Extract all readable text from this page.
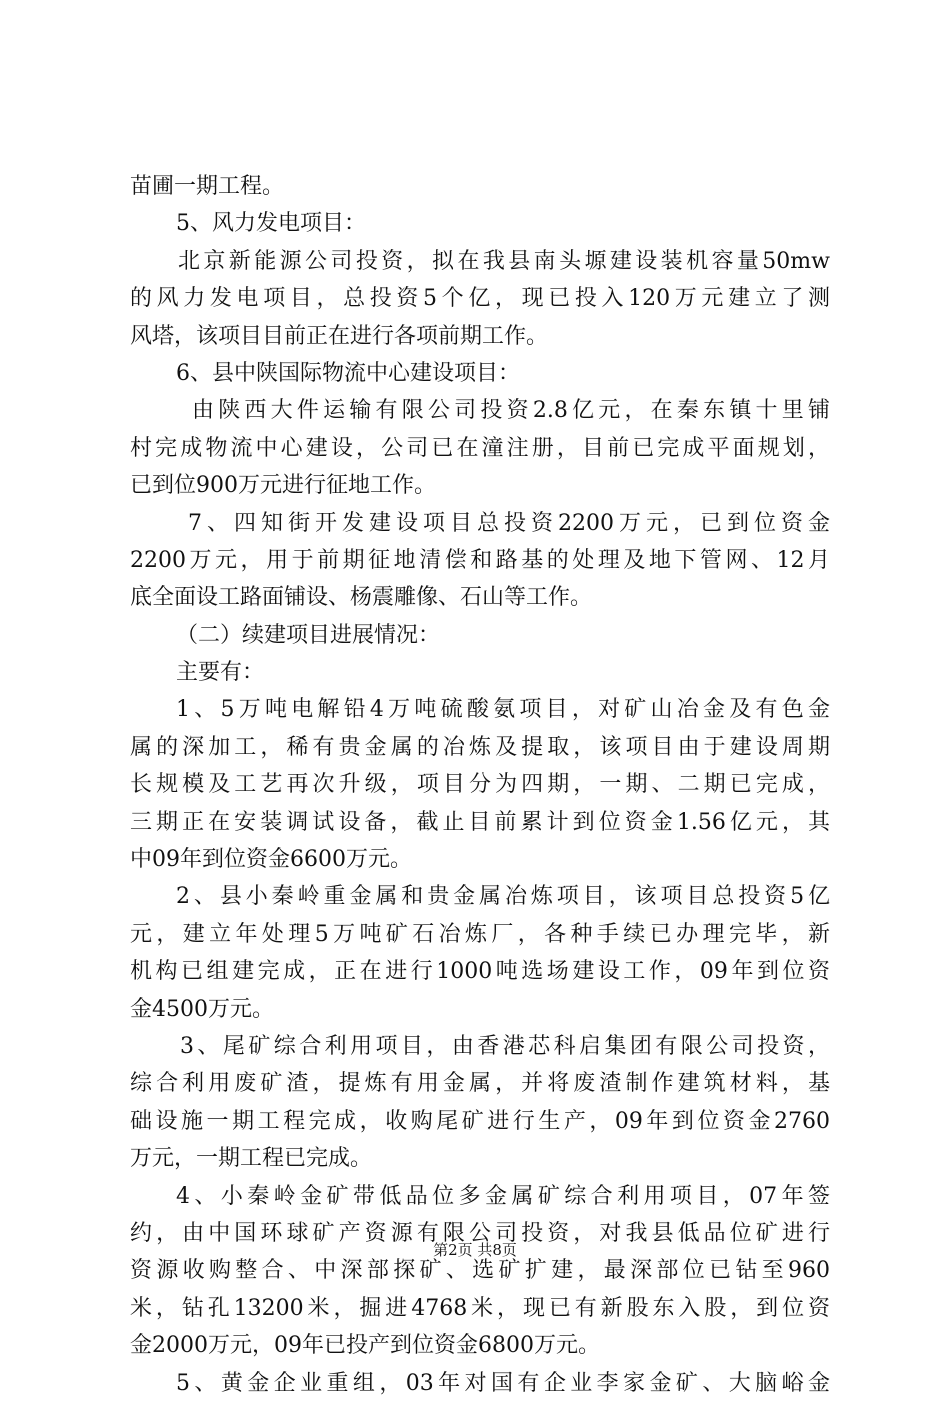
苗圃一期工程。
5、风力发电项目：
北京新能源公司投资，拟在我县南头塬建设装机容量50mw
的风力发电项目，总投资5个亿，现已投入120万元建立了测
风塔，该项目目前正在进行各项前期工作。
6、县中陕国际物流中心建设项目：
由陕西大件运输有限公司投资2.8亿元，在秦东镇十里铺
村完成物流中心建设，公司已在潼注册，目前已完成平面规划，
已到位900万元进行征地工作。
7、四知街开发建设项目总投资2200万元，已到位资金
2200万元，用于前期征地清偿和路基的处理及地下管网、12月
底全面设工路面铺设、杨震雕像、石山等工作。
（二）续建项目进展情况：
主要有：
1、5万吨电解铅4万吨硫酸氨项目，对矿山冶金及有色金
属的深加工，稀有贵金属的冶炼及提取，该项目由于建设周期
长规模及工艺再次升级，项目分为四期，一期、二期已完成，
三期正在安装调试设备，截止目前累计到位资金1.56亿元，其
中09年到位资金6600万元。
2、县小秦岭重金属和贵金属冶炼项目，该项目总投资5亿
元，建立年处理5万吨矿石冶炼厂，各种手续已办理完毕，新
机构已组建完成，正在进行1000吨选场建设工作，09年到位资
金4500万元。
3、尾矿综合利用项目，由香港芯科启集团有限公司投资，
综合利用废矿渣，提炼有用金属，并将废渣制作建筑材料，基
础设施一期工程完成，收购尾矿进行生产，09年到位资金2760
万元，一期工程已完成。
4、小秦岭金矿带低品位多金属矿综合利用项目，07年签
约，由中国环球矿产资源有限公司投资，对我县低品位矿进行
资源收购整合、中深部探矿、选矿扩建，最深部位已钻至960
米，钻孔13200米，掘进4768米，现已有新股东入股，到位资
金2000万元，09年已投产到位资金6800万元。
5、黄金企业重组，03年对国有企业李家金矿、大脑峪金
第2页 共8页
